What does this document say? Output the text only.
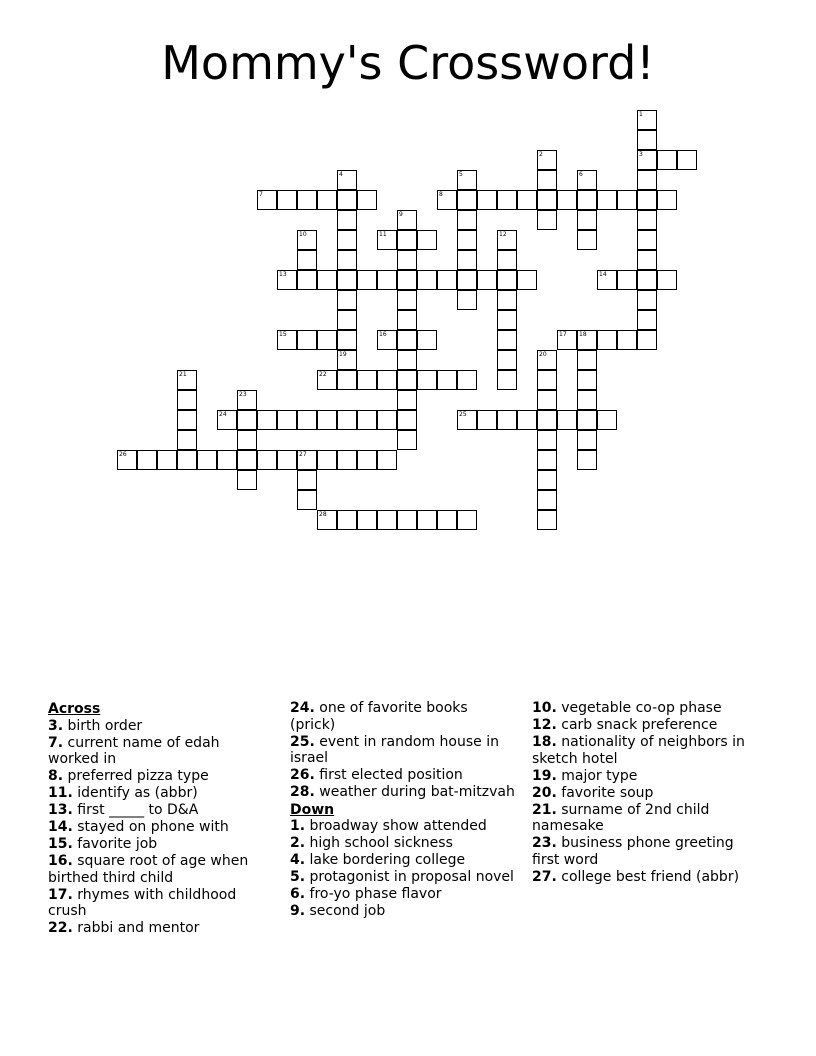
Mommy's Crossword!
3
7	8
11
13	14
15	16	17 18
22
24	25
26	27
28
1
2
4	5	6
9
10	12
19	20
21
23
Across
3. birth order
7. current name of edah worked in
8. preferred pizza type
11. identify as (abbr)
13. first _____ to D&A
14. stayed on phone with
15. favorite job
16. square root of age when birthed third child
17. rhymes with childhood crush
22. rabbi and mentor
24. one of favorite books (prick)
25. event in random house in israel
26. first elected position
28. weather during bat-mitzvah
Down
1. broadway show attended
2. high school sickness
4. lake bordering college
5. protagonist in proposal novel
6. fro-yo phase flavor
9. second job
10. vegetable co-op phase
12. carb snack preference
18. nationality of neighbors in sketch hotel
19. major type
20. favorite soup
21. surname of 2nd child namesake
23. business phone greeting first word
27. college best friend (abbr)
